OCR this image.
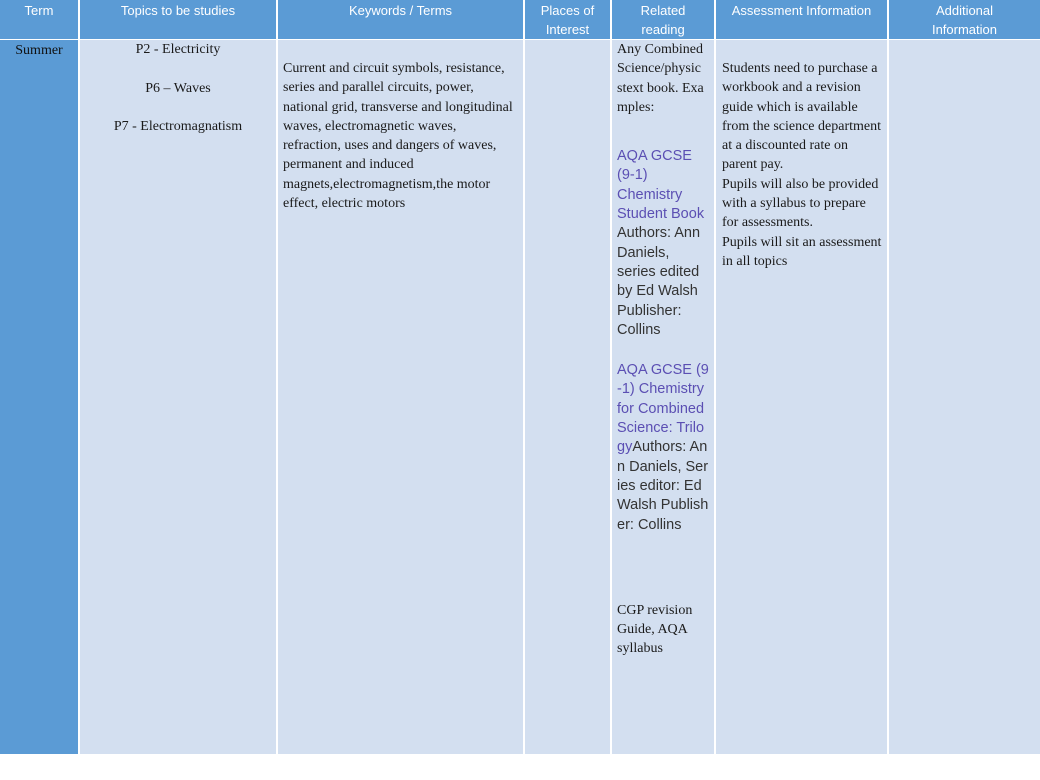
Term
Summer
Topics to be studies
P2 - Electricity
P6 – Waves
P7 - Electromagnatism
Keywords / Terms
Current and circuit symbols, resistance, series and parallel circuits, power, national grid, transverse and longitudinal waves, electromagnetic waves, refraction, uses and dangers of waves, permanent and induced magnets,electromagnetism,the motor effect, electric motors
Places of Interest
Related reading
Any Combined Science/physicstext book. Examples:
AQA GCSE (9-1) Chemistry Student Book Authors: Ann Daniels, series edited by Ed Walsh Publisher: Collins
AQA GCSE (9-1) Chemistry for Combined Science: TrilogyAuthors: Ann Daniels, Series editor: Ed Walsh Publisher: Collins
CGP revision Guide, AQA syllabus
Assessment Information
Students need to purchase a workbook and a revision guide which is available from the science department at a discounted rate on parent pay.
Pupils will also be provided with a syllabus to prepare for assessments.
Pupils will sit an assessment in all topics
Additional Information
